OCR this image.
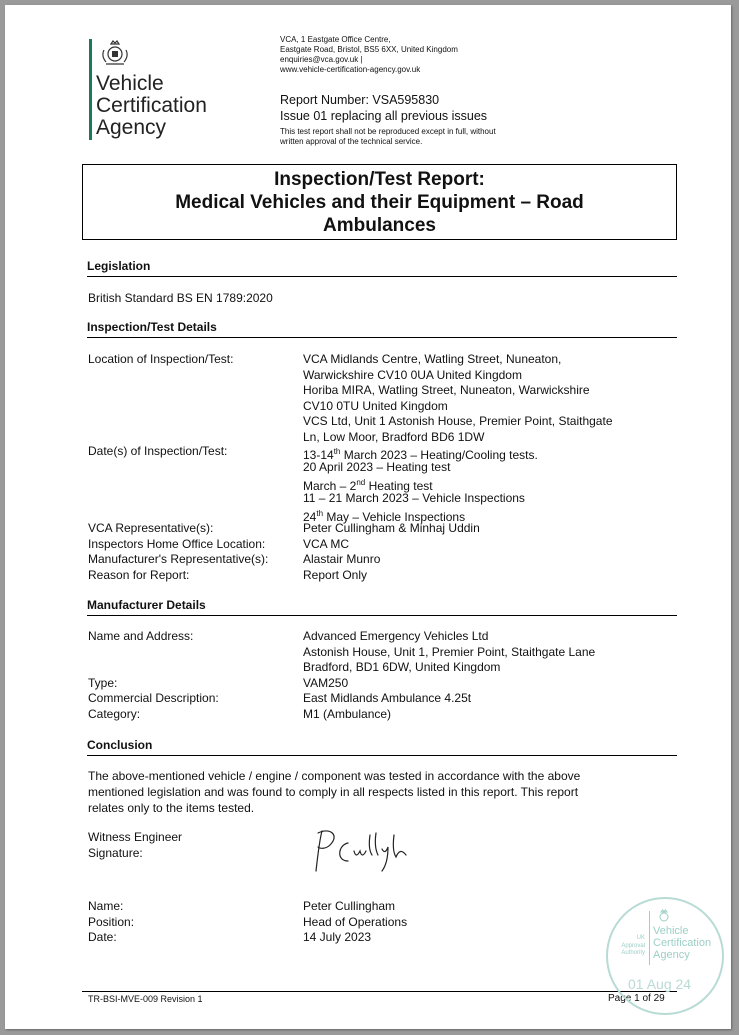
Vehicle
Certification
Agency
VCA, 1 Eastgate Office Centre,
Eastgate Road, Bristol, BS5 6XX, United Kingdom
enquiries@vca.gov.uk |
www.vehicle-certification-agency.gov.uk
Report Number: VSA595830
Issue 01 replacing all previous issues
This test report shall not be reproduced except in full, without
written approval of the technical service.
Inspection/Test Report:
Medical Vehicles and their Equipment – Road
Ambulances
Legislation
British Standard BS EN 1789:2020
Inspection/Test Details
Location of Inspection/Test:	VCA Midlands Centre, Watling Street, Nuneaton,
Warwickshire CV10 0UA United Kingdom
Horiba MIRA, Watling Street, Nuneaton, Warwickshire
CV10 0TU United Kingdom
VCS Ltd, Unit 1 Astonish House, Premier Point, Staithgate
Ln, Low Moor, Bradford BD6 1DW
Date(s) of Inspection/Test:	13-14th March 2023 – Heating/Cooling tests.
20 April 2023 – Heating test
March – 2nd Heating test
11 – 21 March 2023 – Vehicle Inspections
24th May – Vehicle Inspections
VCA Representative(s):	Peter Cullingham & Minhaj Uddin
Inspectors Home Office Location:	VCA MC
Manufacturer's Representative(s):	Alastair Munro
Reason for Report:	Report Only
Manufacturer Details
Name and Address:	Advanced Emergency Vehicles Ltd
Astonish House, Unit 1, Premier Point, Staithgate Lane
Bradford, BD1 6DW, United Kingdom
Type:	VAM250
Commercial Description:	East Midlands Ambulance 4.25t
Category:	M1 (Ambulance)
Conclusion
The above-mentioned vehicle / engine / component was tested in accordance with the above
mentioned legislation and was found to comply in all respects listed in this report. This report
relates only to the items tested.
Witness Engineer
Signature:
Name:	Peter Cullingham
Position:	Head of Operations
Date:	14 July 2023
TR-BSI-MVE-009 Revision 1	Page 1 of 29
UK
Approval
Authority
Vehicle
Certification
Agency
01 Aug 24
